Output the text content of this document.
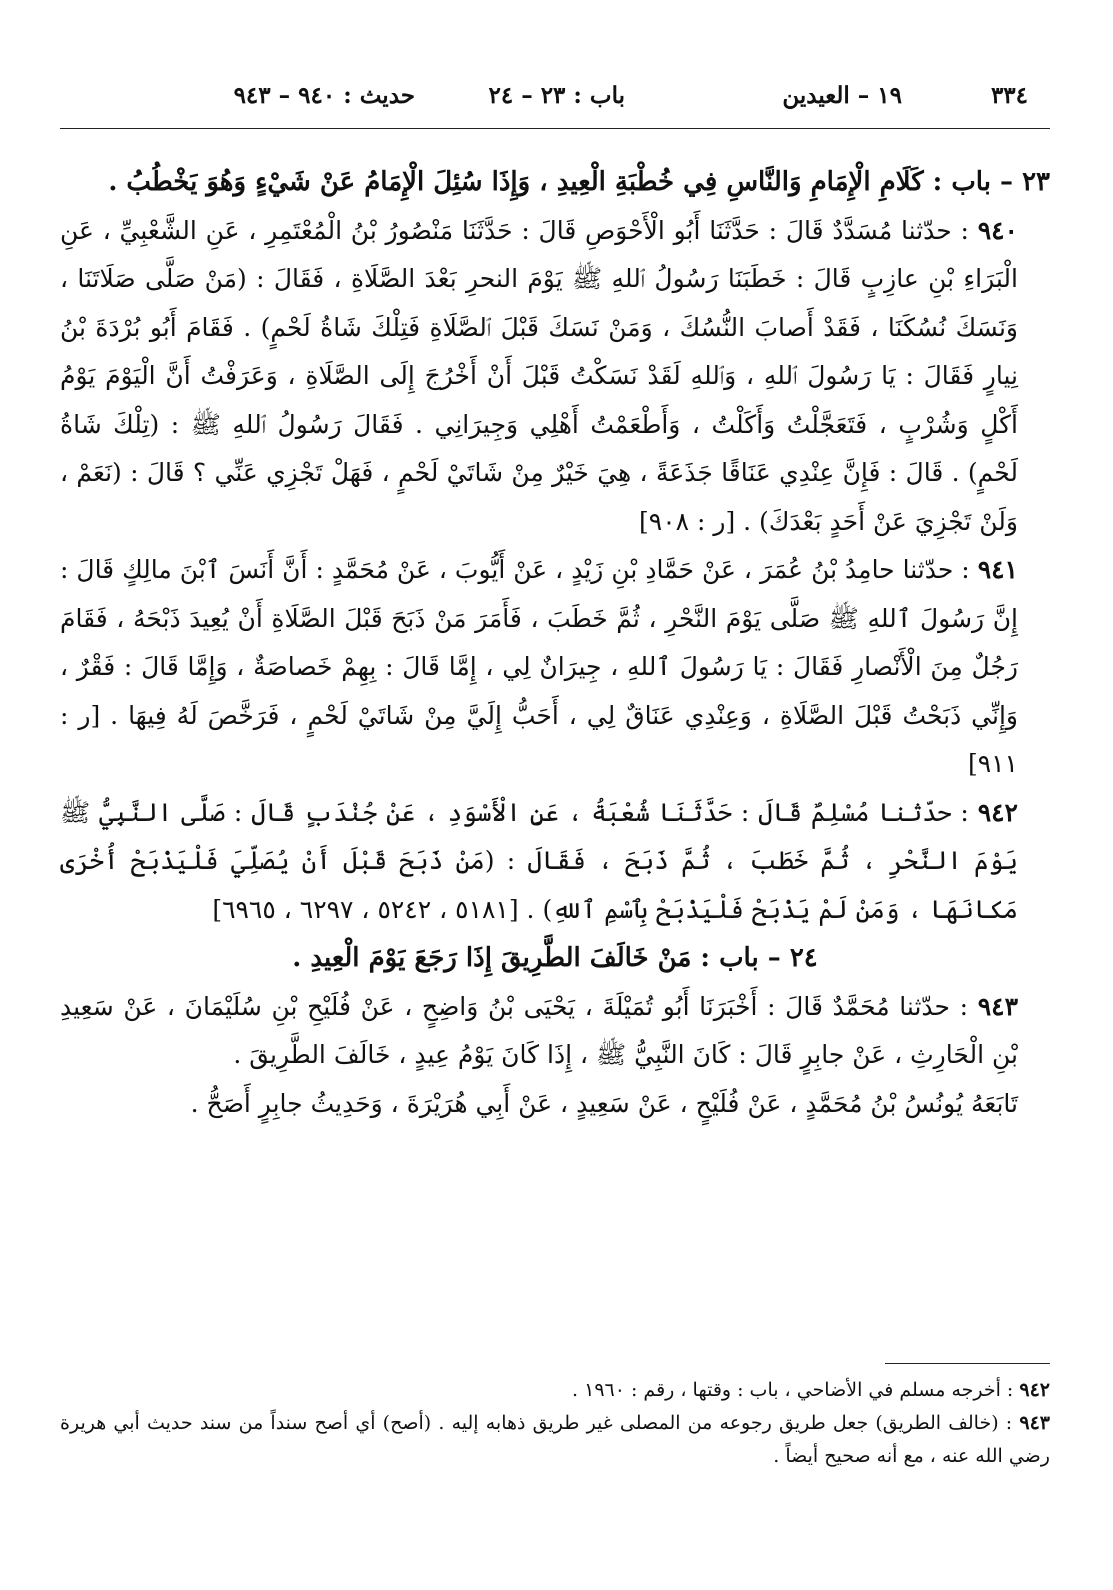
٣٣٤
١٩ – العيدين
باب : ٢٣ – ٢٤
حديث : ٩٤٠ – ٩٤٣

٢٣ – باب : كَلَامِ الْإِمَامِ وَالنَّاسِ فِي خُطْبَةِ الْعِيدِ ، وَإِذَا سُئِلَ الْإِمَامُ عَنْ شَيْءٍ وَهُوَ يَخْطُبُ .

٩٤٠ : حدّثنا مُسَدَّدٌ قَالَ : حَدَّثَنَا أَبُو الْأَحْوَصِ قَالَ : حَدَّثَنَا مَنْصُورُ بْنُ الْمُعْتَمِرِ ، عَنِ الشَّعْبِيِّ ، عَنِ الْبَرَاءِ بْنِ عازِبٍ قَالَ : خَطَبَنَا رَسُولُ ٱللهِ ﷺ يَوْمَ النحرِ بَعْدَ الصَّلَاةِ ، فَقَالَ : (مَنْ صَلَّى صَلَاتَنَا ، وَنَسَكَ نُسُكَنَا ، فَقَدْ أَصابَ النُّسُكَ ، وَمَنْ نَسَكَ قَبْلَ ٱلصَّلَاةِ فَتِلْكَ شَاةُ لَحْمٍ) . فَقَامَ أَبُو بُرْدَةَ بْنُ نِيارٍ فَقَالَ : يَا رَسُولَ ٱللهِ ، وَٱللهِ لَقَدْ نَسَكْتُ قَبْلَ أَنْ أَخْرُجَ إِلَى الصَّلَاةِ ، وَعَرَفْتُ أَنَّ الْيَوْمَ يَوْمُ أَكْلٍ وَشُرْبٍ ، فَتَعَجَّلْتُ وَأَكَلْتُ ، وَأَطْعَمْتُ أَهْلِي وَجِيرَانِي . فَقَالَ رَسُولُ ٱللهِ ﷺ : (تِلْكَ شَاةُ لَحْمٍ) . قَالَ : فَإِنَّ عِنْدِي عَنَاقًا جَذَعَةً ، هِيَ خَيْرٌ مِنْ شَاتَيْ لَحْمٍ ، فَهَلْ تَجْزِي عَنِّي ؟ قَالَ : (نَعَمْ ، وَلَنْ تَجْزِيَ عَنْ أَحَدٍ بَعْدَكَ) . [ر : ٩٠٨]

٩٤١ : حدّثنا حامِدُ بْنُ عُمَرَ ، عَنْ حَمَّادِ بْنِ زَيْدٍ ، عَنْ أَيُّوبَ ، عَنْ مُحَمَّدٍ : أَنَّ أَنَسَ ٱبْنَ مالِكٍ قَالَ : إِنَّ رَسُولَ ٱللهِ ﷺ صَلَّى يَوْمَ النَّحْرِ ، ثُمَّ خَطَبَ ، فَأَمَرَ مَنْ ذَبَحَ قَبْلَ الصَّلَاةِ أَنْ يُعِيدَ ذَبْحَهُ ، فَقَامَ رَجُلٌ مِنَ الْأَنْصارِ فَقَالَ : يَا رَسُولَ ٱللهِ ، جِيرَانٌ لِي ، إِمَّا قَالَ : بِهِمْ خَصاصَةٌ ، وَإِمَّا قَالَ : فَقْرٌ ، وَإِنِّي ذَبَحْتُ قَبْلَ الصَّلَاةِ ، وَعِنْدِي عَنَاقٌ لِي ، أَحَبُّ إِلَيَّ مِنْ شَاتَيْ لَحْمٍ ، فَرَخَّصَ لَهُ فِيهَا . [ر : ٩١١]

٩٤٢ : حدّثنا مُسْلِمٌ قَالَ : حَدَّثَنَا شُعْبَةُ ، عَنِ الْأَسْوَدِ ، عَنْ جُنْدَبٍ قَالَ : صَلَّى النَّبِيُّ ﷺ يَوْمَ النَّحْرِ ، ثُمَّ خَطَبَ ، ثُمَّ ذَبَحَ ، فَقَالَ : (مَنْ ذَبَحَ قَبْلَ أَنْ يُصَلِّيَ فَلْيَذْبَحْ أُخْرَى مَكانَهَا ، وَمَنْ لَمْ يَذْبَحْ فَلْيَذْبَحْ بِٱسْمِ ٱللهِ) . [٥١٨١ ، ٥٢٤٢ ، ٦٢٩٧ ، ٦٩٦٥]

٢٤ – باب : مَنْ خَالَفَ الطَّرِيقَ إِذَا رَجَعَ يَوْمَ الْعِيدِ .

٩٤٣ : حدّثنا مُحَمَّدٌ قَالَ : أَخْبَرَنَا أَبُو تُمَيْلَةَ ، يَحْيَى بْنُ وَاضِحٍ ، عَنْ فُلَيْحِ بْنِ سُلَيْمَانَ ، عَنْ سَعِيدِ بْنِ الْحَارِثِ ، عَنْ جابِرٍ قَالَ : كَانَ النَّبِيُّ ﷺ ، إِذَا كَانَ يَوْمُ عِيدٍ ، خَالَفَ الطَّرِيقَ .

تَابَعَهُ يُونُسُ بْنُ مُحَمَّدٍ ، عَنْ فُلَيْحٍ ، عَنْ سَعِيدٍ ، عَنْ أَبِي هُرَيْرَةَ ، وَحَدِيثُ جابِرٍ أَصَحُّ .

٩٤٢ : أخرجه مسلم في الأضاحي ، باب : وقتها ، رقم : ١٩٦٠ .

٩٤٣ : (خالف الطريق) جعل طريق رجوعه من المصلى غير طريق ذهابه إليه . (أصح) أي أصح سنداً من سند حديث أبي هريرة رضي الله عنه ، مع أنه صحيح أيضاً .
